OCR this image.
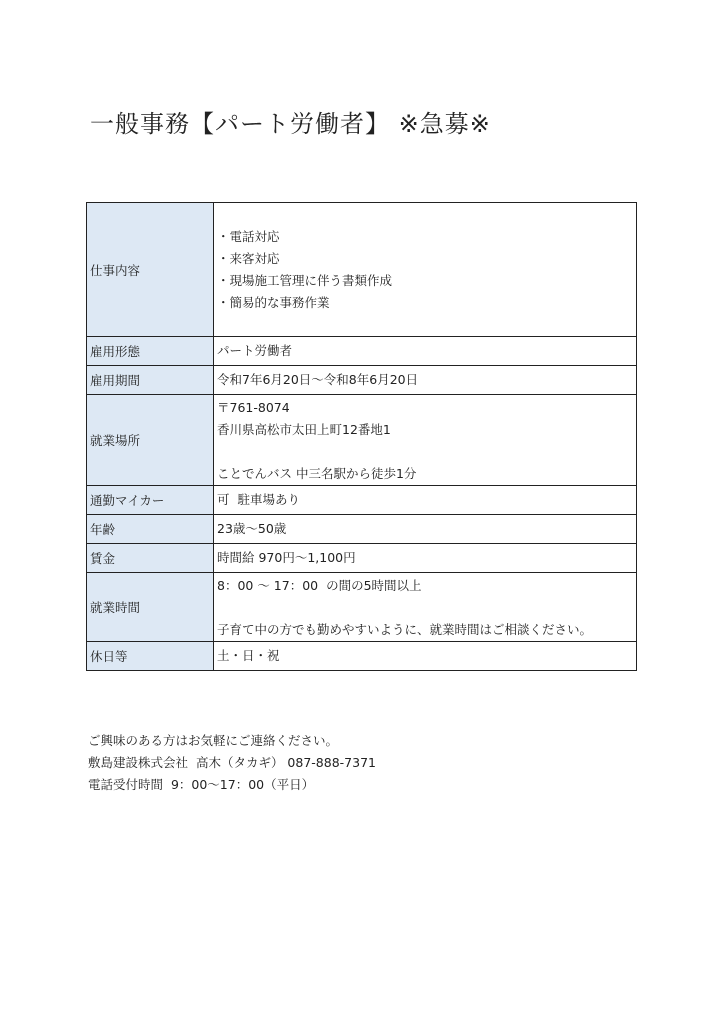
一般事務【パート労働者】 ※急募※
仕事内容	・電話対応
・来客対応
・現場施工管理に伴う書類作成
・簡易的な事務作業

雇用形態	パート労働者
雇用期間	令和7年6月20日～令和8年6月20日
就業場所	〒761-8074
香川県高松市太田上町12番地1
ことでんバス 中三名駅から徒歩1分

通勤マイカー	可  駐車場あり
年齢	23歳～50歳
賃金	時間給 970円～1,100円
就業時間	8：00 ～ 17：00  の間の5時間以上
子育て中の方でも勤めやすいように、就業時間はご相談ください。

休日等	土・日・祝
ご興味のある方はお気軽にご連絡ください。
敷島建設株式会社  高木（タカギ） 087-888-7371
電話受付時間  9：00～17：00（平日）
